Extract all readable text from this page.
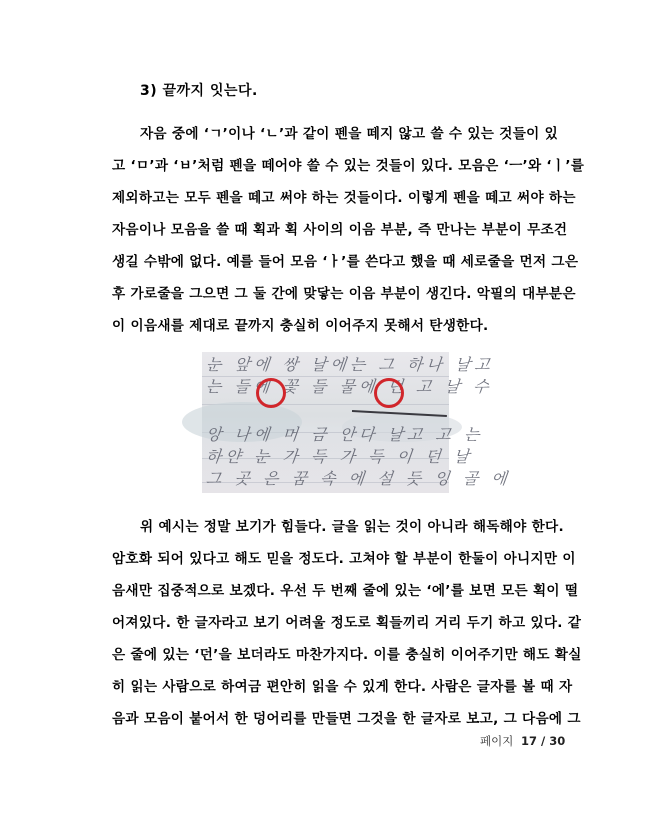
3) 끝까지 잇는다.
자음 중에 ‘ㄱ’이나 ‘ㄴ’과 같이 펜을 떼지 않고 쓸 수 있는 것들이 있
고 ‘ㅁ’과 ‘ㅂ’처럼 펜을 떼어야 쓸 수 있는 것들이 있다. 모음은 ‘ㅡ’와 ‘ㅣ’를
제외하고는 모두 펜을 떼고 써야 하는 것들이다. 이렇게 펜을 떼고 써야 하는
자음이나 모음을 쓸 때 획과 획 사이의 이음 부분, 즉 만나는 부분이 무조건
생길 수밖에 없다. 예를 들어 모음 ‘ㅏ’를 쓴다고 했을 때 세로줄을 먼저 그은
후 가로줄을 그으면 그 둘 간에 맞닿는 이음 부분이 생긴다. 악필의 대부분은
이 이음새를 제대로 끝까지 충실히 이어주지 못해서 탄생한다.
눈 앞에 쌍 날에는 그 하나 날고
는 들에 꽃 들 물에 던 고 날 수
앙 나에 머 금 안다 날고 고 는
하얀 눈 가 득 가 득 이 던 날
그 곳 은 꿈 속 에 설 듯 잉 골 에
위 예시는 정말 보기가 힘들다. 글을 읽는 것이 아니라 해독해야 한다.
암호화 되어 있다고 해도 믿을 정도다. 고쳐야 할 부분이 한둘이 아니지만 이
음새만 집중적으로 보겠다. 우선 두 번째 줄에 있는 ‘에’를 보면 모든 획이 떨
어져있다. 한 글자라고 보기 어려울 정도로 획들끼리 거리 두기 하고 있다. 같
은 줄에 있는 ‘던’을 보더라도 마찬가지다. 이를 충실히 이어주기만 해도 확실
히 읽는 사람으로 하여금 편안히 읽을 수 있게 한다. 사람은 글자를 볼 때 자
음과 모음이 붙어서 한 덩어리를 만들면 그것을 한 글자로 보고, 그 다음에 그
페이지 17 / 30
